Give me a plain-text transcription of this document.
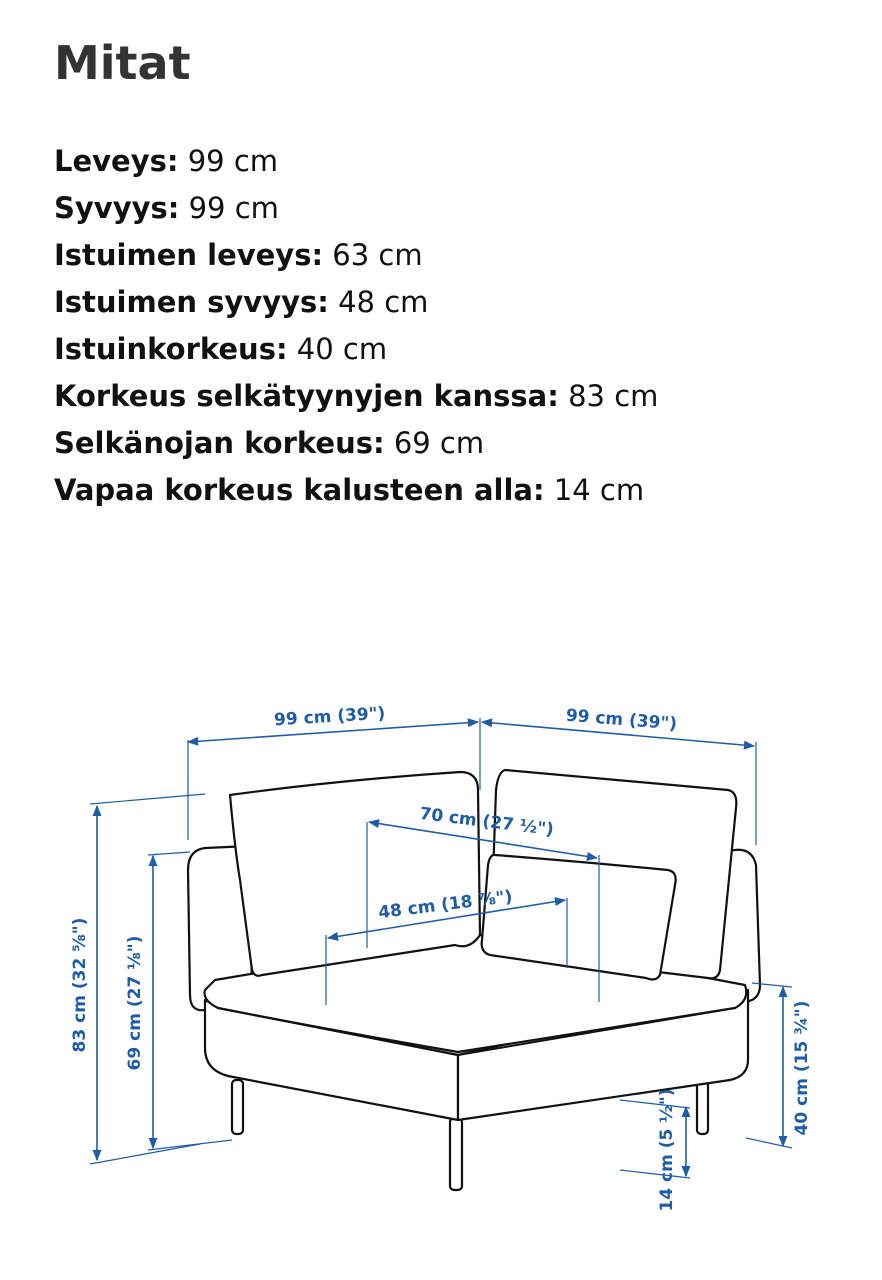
Mitat
Leveys: 99 cm
Syvyys: 99 cm
Istuimen leveys: 63 cm
Istuimen syvyys: 48 cm
Istuinkorkeus: 40 cm
Korkeus selkätyynyjen kanssa: 83 cm
Selkänojan korkeus: 69 cm
Vapaa korkeus kalusteen alla: 14 cm
99 cm (39")	99 cm (39")
70 cm (27 ½")
48 cm (18 ⅞")
83 cm (32 ⅝") 69 cm (27 ⅛")	40 cm (15 ¾")
14 cm (5 ½")
